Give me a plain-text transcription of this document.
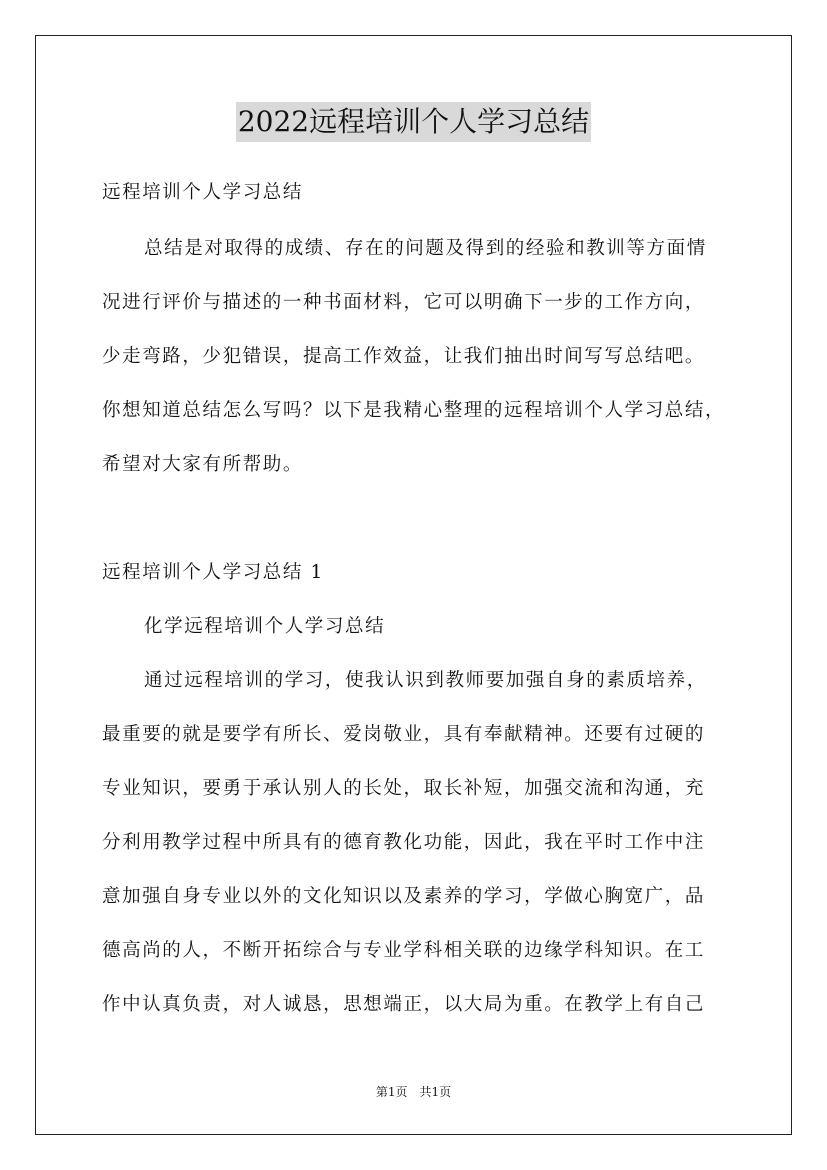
2022远程培训个人学习总结
远程培训个人学习总结
总结是对取得的成绩、存在的问题及得到的经验和教训等方面情
况进行评价与描述的一种书面材料，它可以明确下一步的工作方向，
少走弯路，少犯错误，提高工作效益，让我们抽出时间写写总结吧。
你想知道总结怎么写吗？以下是我精心整理的远程培训个人学习总结，
希望对大家有所帮助。
远程培训个人学习总结 1
化学远程培训个人学习总结
通过远程培训的学习，使我认识到教师要加强自身的素质培养，
最重要的就是要学有所长、爱岗敬业，具有奉献精神。还要有过硬的
专业知识，要勇于承认别人的长处，取长补短，加强交流和沟通，充
分利用教学过程中所具有的德育教化功能，因此，我在平时工作中注
意加强自身专业以外的文化知识以及素养的学习，学做心胸宽广，品
德高尚的人，不断开拓综合与专业学科相关联的边缘学科知识。在工
作中认真负责，对人诚恳，思想端正，以大局为重。在教学上有自己
第1页　共1页
